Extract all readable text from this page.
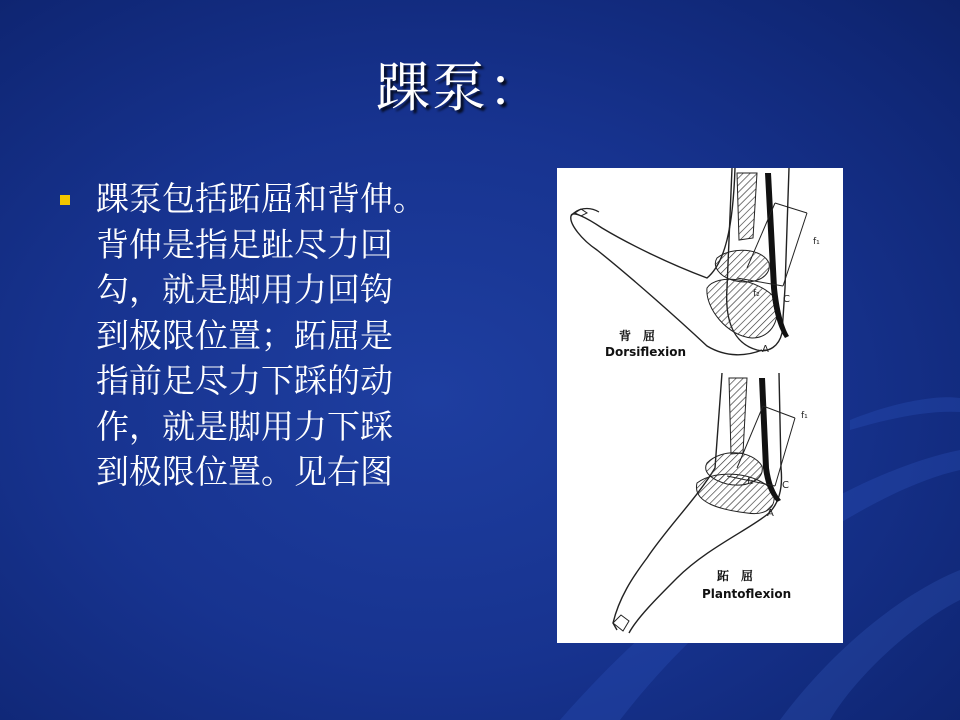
踝泵：
踝泵包括跖屈和背伸。
背伸是指足趾尽力回
勾，就是脚用力回钩
到极限位置；跖屈是
指前足尽力下踩的动
作，就是脚用力下踩
到极限位置。见右图
f₁
f₂ C
A
背　屈
Dorsiflexion
f₁
f₂	C
A
跖　屈
Plantoflexion
